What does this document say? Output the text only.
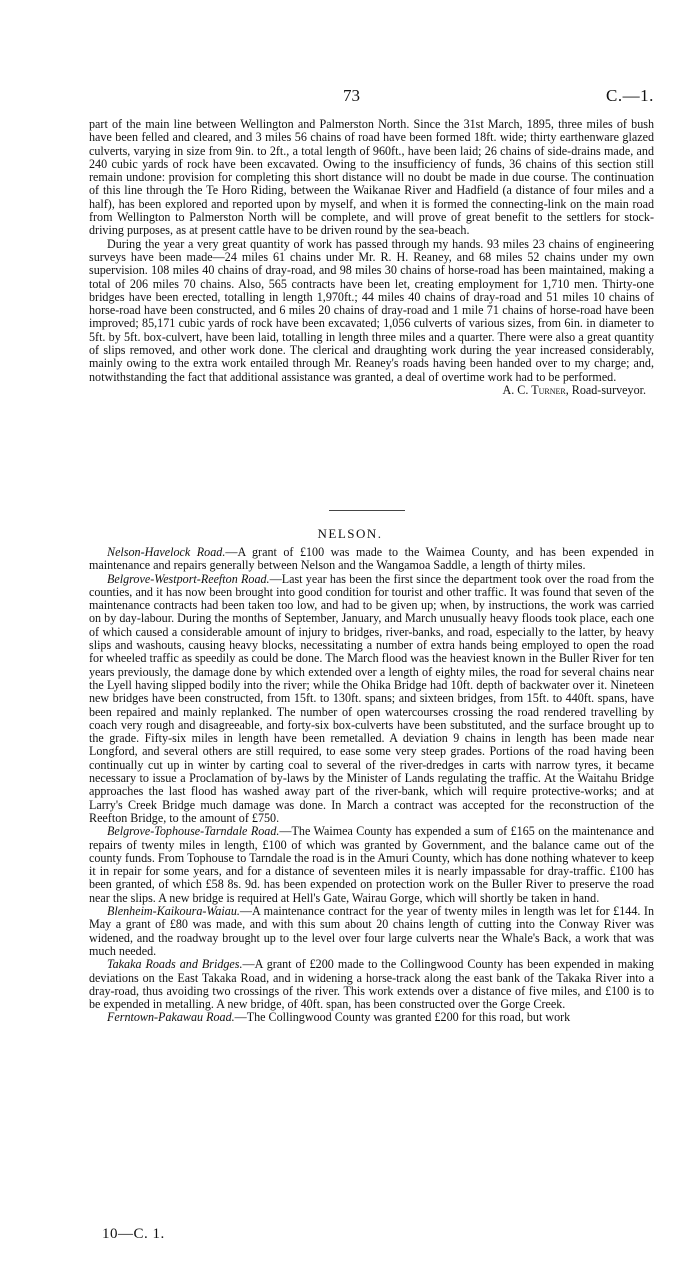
73	C.—1.

part of the main line between Wellington and Palmerston North. Since the 31st March, 1895, three miles of bush have been felled and cleared, and 3 miles 56 chains of road have been formed 18ft. wide; thirty earthenware glazed culverts, varying in size from 9in. to 2ft., a total length of 960ft., have been laid; 26 chains of side-drains made, and 240 cubic yards of rock have been excavated. Owing to the insufficiency of funds, 36 chains of this section still remain undone: provision for completing this short distance will no doubt be made in due course. The continuation of this line through the Te Horo Riding, between the Waikanae River and Hadfield (a distance of four miles and a half), has been explored and reported upon by myself, and when it is formed the connecting-link on the main road from Wellington to Palmerston North will be complete, and will prove of great benefit to the settlers for stock-driving purposes, as at present cattle have to be driven round by the sea-beach.

During the year a very great quantity of work has passed through my hands. 93 miles 23 chains of engineering surveys have been made—24 miles 61 chains under Mr. R. H. Reaney, and 68 miles 52 chains under my own supervision. 108 miles 40 chains of dray-road, and 98 miles 30 chains of horse-road has been maintained, making a total of 206 miles 70 chains. Also, 565 contracts have been let, creating employment for 1,710 men. Thirty-one bridges have been erected, totalling in length 1,970ft.; 44 miles 40 chains of dray-road and 51 miles 10 chains of horse-road have been constructed, and 6 miles 20 chains of dray-road and 1 mile 71 chains of horse-road have been improved; 85,171 cubic yards of rock have been excavated; 1,056 culverts of various sizes, from 6in. in diameter to 5ft. by 5ft. box-culvert, have been laid, totalling in length three miles and a quarter. There were also a great quantity of slips removed, and other work done. The clerical and draughting work during the year increased considerably, mainly owing to the extra work entailed through Mr. Reaney's roads having been handed over to my charge; and, notwithstanding the fact that additional assistance was granted, a deal of overtime work had to be performed.

A. C. Turner, Road-surveyor.

NELSON.

Nelson-Havelock Road.—A grant of £100 was made to the Waimea County, and has been expended in maintenance and repairs generally between Nelson and the Wangamoa Saddle, a length of thirty miles.

Belgrove-Westport-Reefton Road.—Last year has been the first since the department took over the road from the counties, and it has now been brought into good condition for tourist and other traffic. It was found that seven of the maintenance contracts had been taken too low, and had to be given up; when, by instructions, the work was carried on by day-labour. During the months of September, January, and March unusually heavy floods took place, each one of which caused a considerable amount of injury to bridges, river-banks, and road, especially to the latter, by heavy slips and washouts, causing heavy blocks, necessitating a number of extra hands being employed to open the road for wheeled traffic as speedily as could be done. The March flood was the heaviest known in the Buller River for ten years previously, the damage done by which extended over a length of eighty miles, the road for several chains near the Lyell having slipped bodily into the river; while the Ohika Bridge had 10ft. depth of backwater over it. Nineteen new bridges have been constructed, from 15ft. to 130ft. spans; and sixteen bridges, from 15ft. to 440ft. spans, have been repaired and mainly replanked. The number of open watercourses crossing the road rendered travelling by coach very rough and disagreeable, and forty-six box-culverts have been substituted, and the surface brought up to the grade. Fifty-six miles in length have been remetalled. A deviation 9 chains in length has been made near Longford, and several others are still required, to ease some very steep grades. Portions of the road having been continually cut up in winter by carting coal to several of the river-dredges in carts with narrow tyres, it became necessary to issue a Proclamation of by-laws by the Minister of Lands regulating the traffic. At the Waitahu Bridge approaches the last flood has washed away part of the river-bank, which will require protective-works; and at Larry's Creek Bridge much damage was done. In March a contract was accepted for the reconstruction of the Reefton Bridge, to the amount of £750.

Belgrove-Tophouse-Tarndale Road.—The Waimea County has expended a sum of £165 on the maintenance and repairs of twenty miles in length, £100 of which was granted by Government, and the balance came out of the county funds. From Tophouse to Tarndale the road is in the Amuri County, which has done nothing whatever to keep it in repair for some years, and for a distance of seventeen miles it is nearly impassable for dray-traffic. £100 has been granted, of which £58 8s. 9d. has been expended on protection work on the Buller River to preserve the road near the slips. A new bridge is required at Hell's Gate, Wairau Gorge, which will shortly be taken in hand.

Blenheim-Kaikoura-Waiau.—A maintenance contract for the year of twenty miles in length was let for £144. In May a grant of £80 was made, and with this sum about 20 chains length of cutting into the Conway River was widened, and the roadway brought up to the level over four large culverts near the Whale's Back, a work that was much needed.

Takaka Roads and Bridges.—A grant of £200 made to the Collingwood County has been expended in making deviations on the East Takaka Road, and in widening a horse-track along the east bank of the Takaka River into a dray-road, thus avoiding two crossings of the river. This work extends over a distance of five miles, and £100 is to be expended in metalling. A new bridge, of 40ft. span, has been constructed over the Gorge Creek.

Ferntown-Pakawau Road.—The Collingwood County was granted £200 for this road, but work

10—C. 1.
